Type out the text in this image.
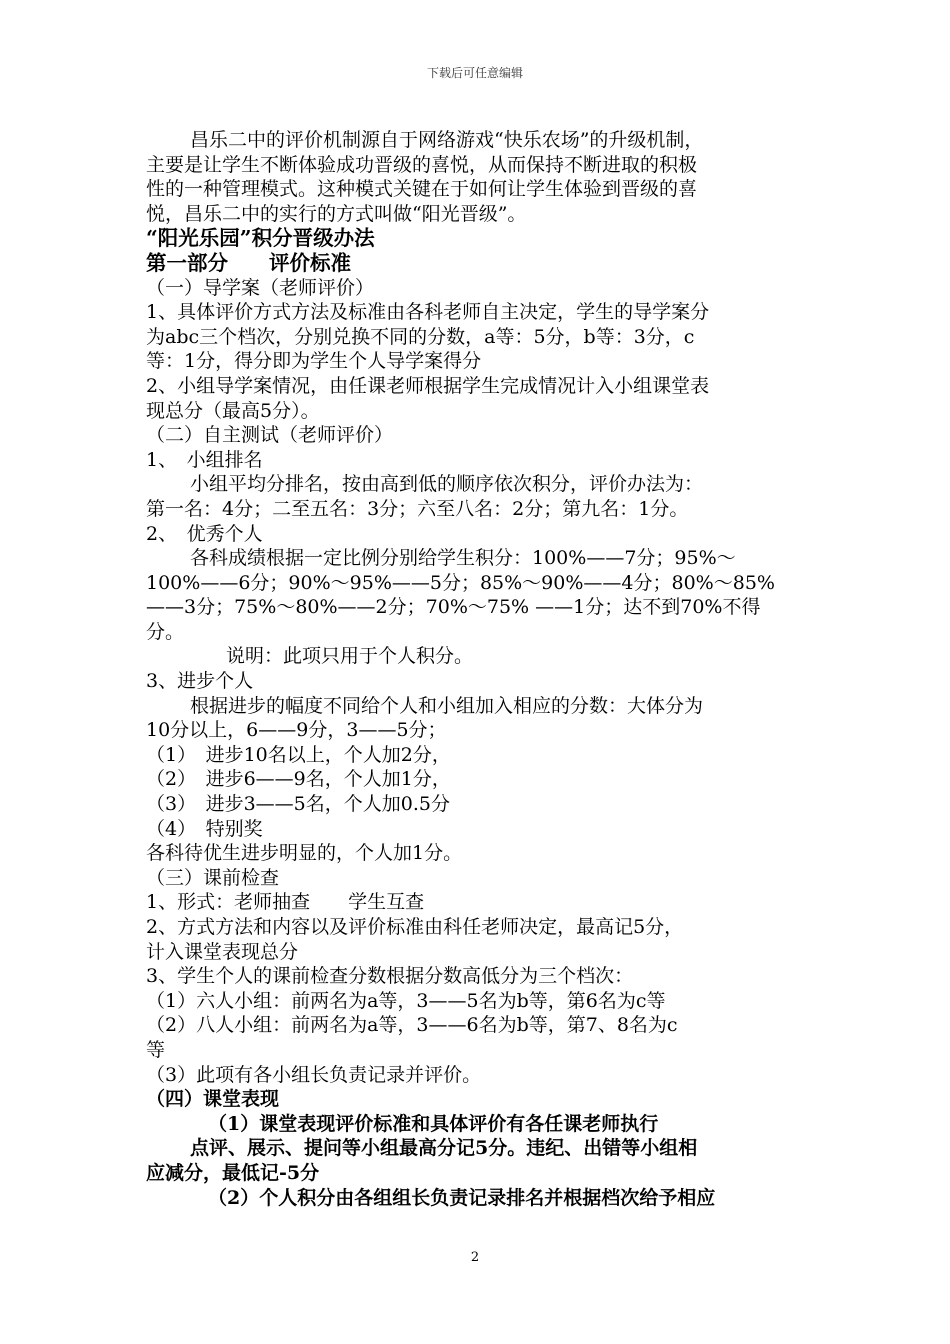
下载后可任意编辑
昌乐二中的评价机制源自于网络游戏“快乐农场”的升级机制，
主要是让学生不断体验成功晋级的喜悦，从而保持不断进取的积极
性的一种管理模式。这种模式关键在于如何让学生体验到晋级的喜
悦，昌乐二中的实行的方式叫做“阳光晋级”。
“阳光乐园”积分晋级办法
第一部分　　评价标准
（一）导学案（老师评价）
1、具体评价方式方法及标准由各科老师自主决定，学生的导学案分
为abc三个档次，分别兑换不同的分数，a等：5分，b等：3分，c
等：1分，得分即为学生个人导学案得分
2、小组导学案情况，由任课老师根据学生完成情况计入小组课堂表
现总分（最高5分）。
（二）自主测试（老师评价）
1、　小组排名
小组平均分排名，按由高到低的顺序依次积分，评价办法为：
第一名：4分；二至五名：3分；六至八名：2分；第九名：1分。
2、　优秀个人
各科成绩根据一定比例分别给学生积分：100%——7分；95%～
100%——6分；90%～95%——5分；85%～90%——4分；80%～85%
——3分；75%～80%——2分；70%～75% ——1分；达不到70%不得
分。
说明：此项只用于个人积分。
3、进步个人
根据进步的幅度不同给个人和小组加入相应的分数：大体分为
10分以上，6——9分，3——5分；
（1）　进步10名以上，个人加2分，
（2）　进步6——9名，个人加1分，
（3）　进步3——5名，个人加0.5分
（4）　特别奖
各科待优生进步明显的，个人加1分。
（三）课前检查
1、形式：老师抽查　　学生互查
2、方式方法和内容以及评价标准由科任老师决定，最高记5分，
计入课堂表现总分
3、学生个人的课前检查分数根据分数高低分为三个档次：
（1）六人小组：前两名为a等，3——5名为b等，第6名为c等
（2）八人小组：前两名为a等，3——6名为b等，第7、8名为c
等
（3）此项有各小组长负责记录并评价。
（四）课堂表现
（1）课堂表现评价标准和具体评价有各任课老师执行
点评、展示、提问等小组最高分记5分。违纪、出错等小组相
应减分，最低记-5分
（2）个人积分由各组组长负责记录排名并根据档次给予相应
2
